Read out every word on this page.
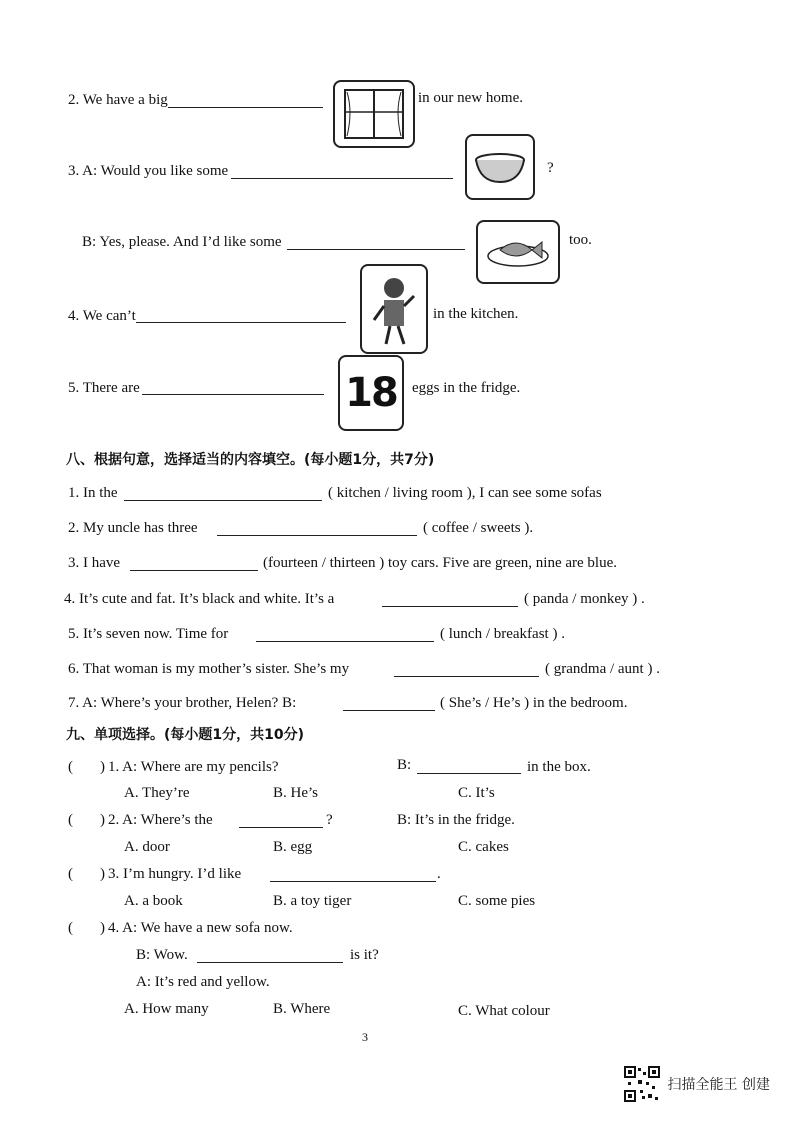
2. We have a big	in our new home.
3. A: Would you like some	?
B: Yes, please. And I’d like some	too.
4. We can’t	in the kitchen.
5. There are	18 eggs in the fridge.
八、根据句意，选择适当的内容填空。(每小题1分，共7分)
1. In the	( kitchen / living room ), I can see some sofas
2. My uncle has three	( coffee / sweets ).
3. I have	(fourteen / thirteen ) toy cars. Five are green, nine are blue.
4. It’s cute and fat. It’s black and white. It’s a	( panda / monkey ) .
5. It’s seven now. Time for	( lunch / breakfast ) .
6. That woman is my mother’s sister. She’s my	( grandma / aunt ) .
7. A: Where’s your brother, Helen? B:	( She’s / He’s ) in the bedroom.
九、单项选择。(每小题1分，共10分)
( ) 1. A: Where are my pencils?	B:	in the box.
A. They’re	B. He’s	C. It’s
( ) 2. A: Where’s the	?	B: It’s in the fridge.
A. door	B. egg	C. cakes
( ) 3. I’m hungry. I’d like	.
A. a book	B. a toy tiger	C. some pies
( ) 4. A: We have a new sofa now.
B: Wow.	is it?
A: It’s red and yellow.
A. How many	B. Where	C. What colour
3
扫描全能王 创建
